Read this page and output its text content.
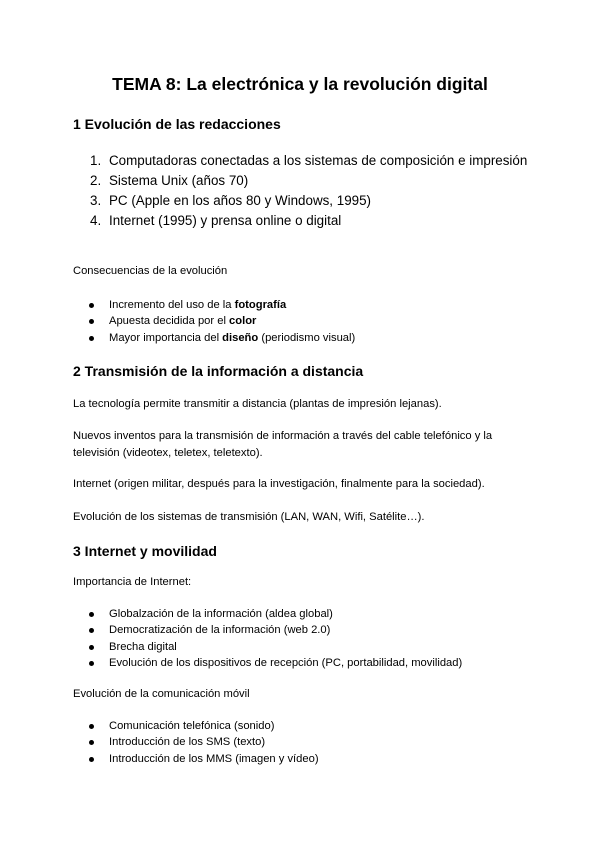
TEMA 8: La electrónica y la revolución digital
1 Evolución de las redacciones
1. Computadoras conectadas a los sistemas de composición e impresión
2. Sistema Unix (años 70)
3. PC (Apple en los años 80 y Windows, 1995)
4. Internet (1995) y prensa online o digital
Consecuencias de la evolución
Incremento del uso de la fotografía
Apuesta decidida por el color
Mayor importancia del diseño (periodismo visual)
2 Transmisión de la información a distancia
La tecnología permite transmitir a distancia (plantas de impresión lejanas).
Nuevos inventos para la transmisión de información a través del cable telefónico y la televisión (videotex, teletex, teletexto).
Internet (origen militar, después para la investigación, finalmente para la sociedad).
Evolución de los sistemas de transmisión (LAN, WAN, Wifi, Satélite…).
3 Internet y movilidad
Importancia de Internet:
Globalzación de la información (aldea global)
Democratización de la información (web 2.0)
Brecha digital
Evolución de los dispositivos de recepción (PC, portabilidad, movilidad)
Evolución de la comunicación móvil
Comunicación telefónica (sonido)
Introducción de los SMS (texto)
Introducción de los MMS (imagen y vídeo)
